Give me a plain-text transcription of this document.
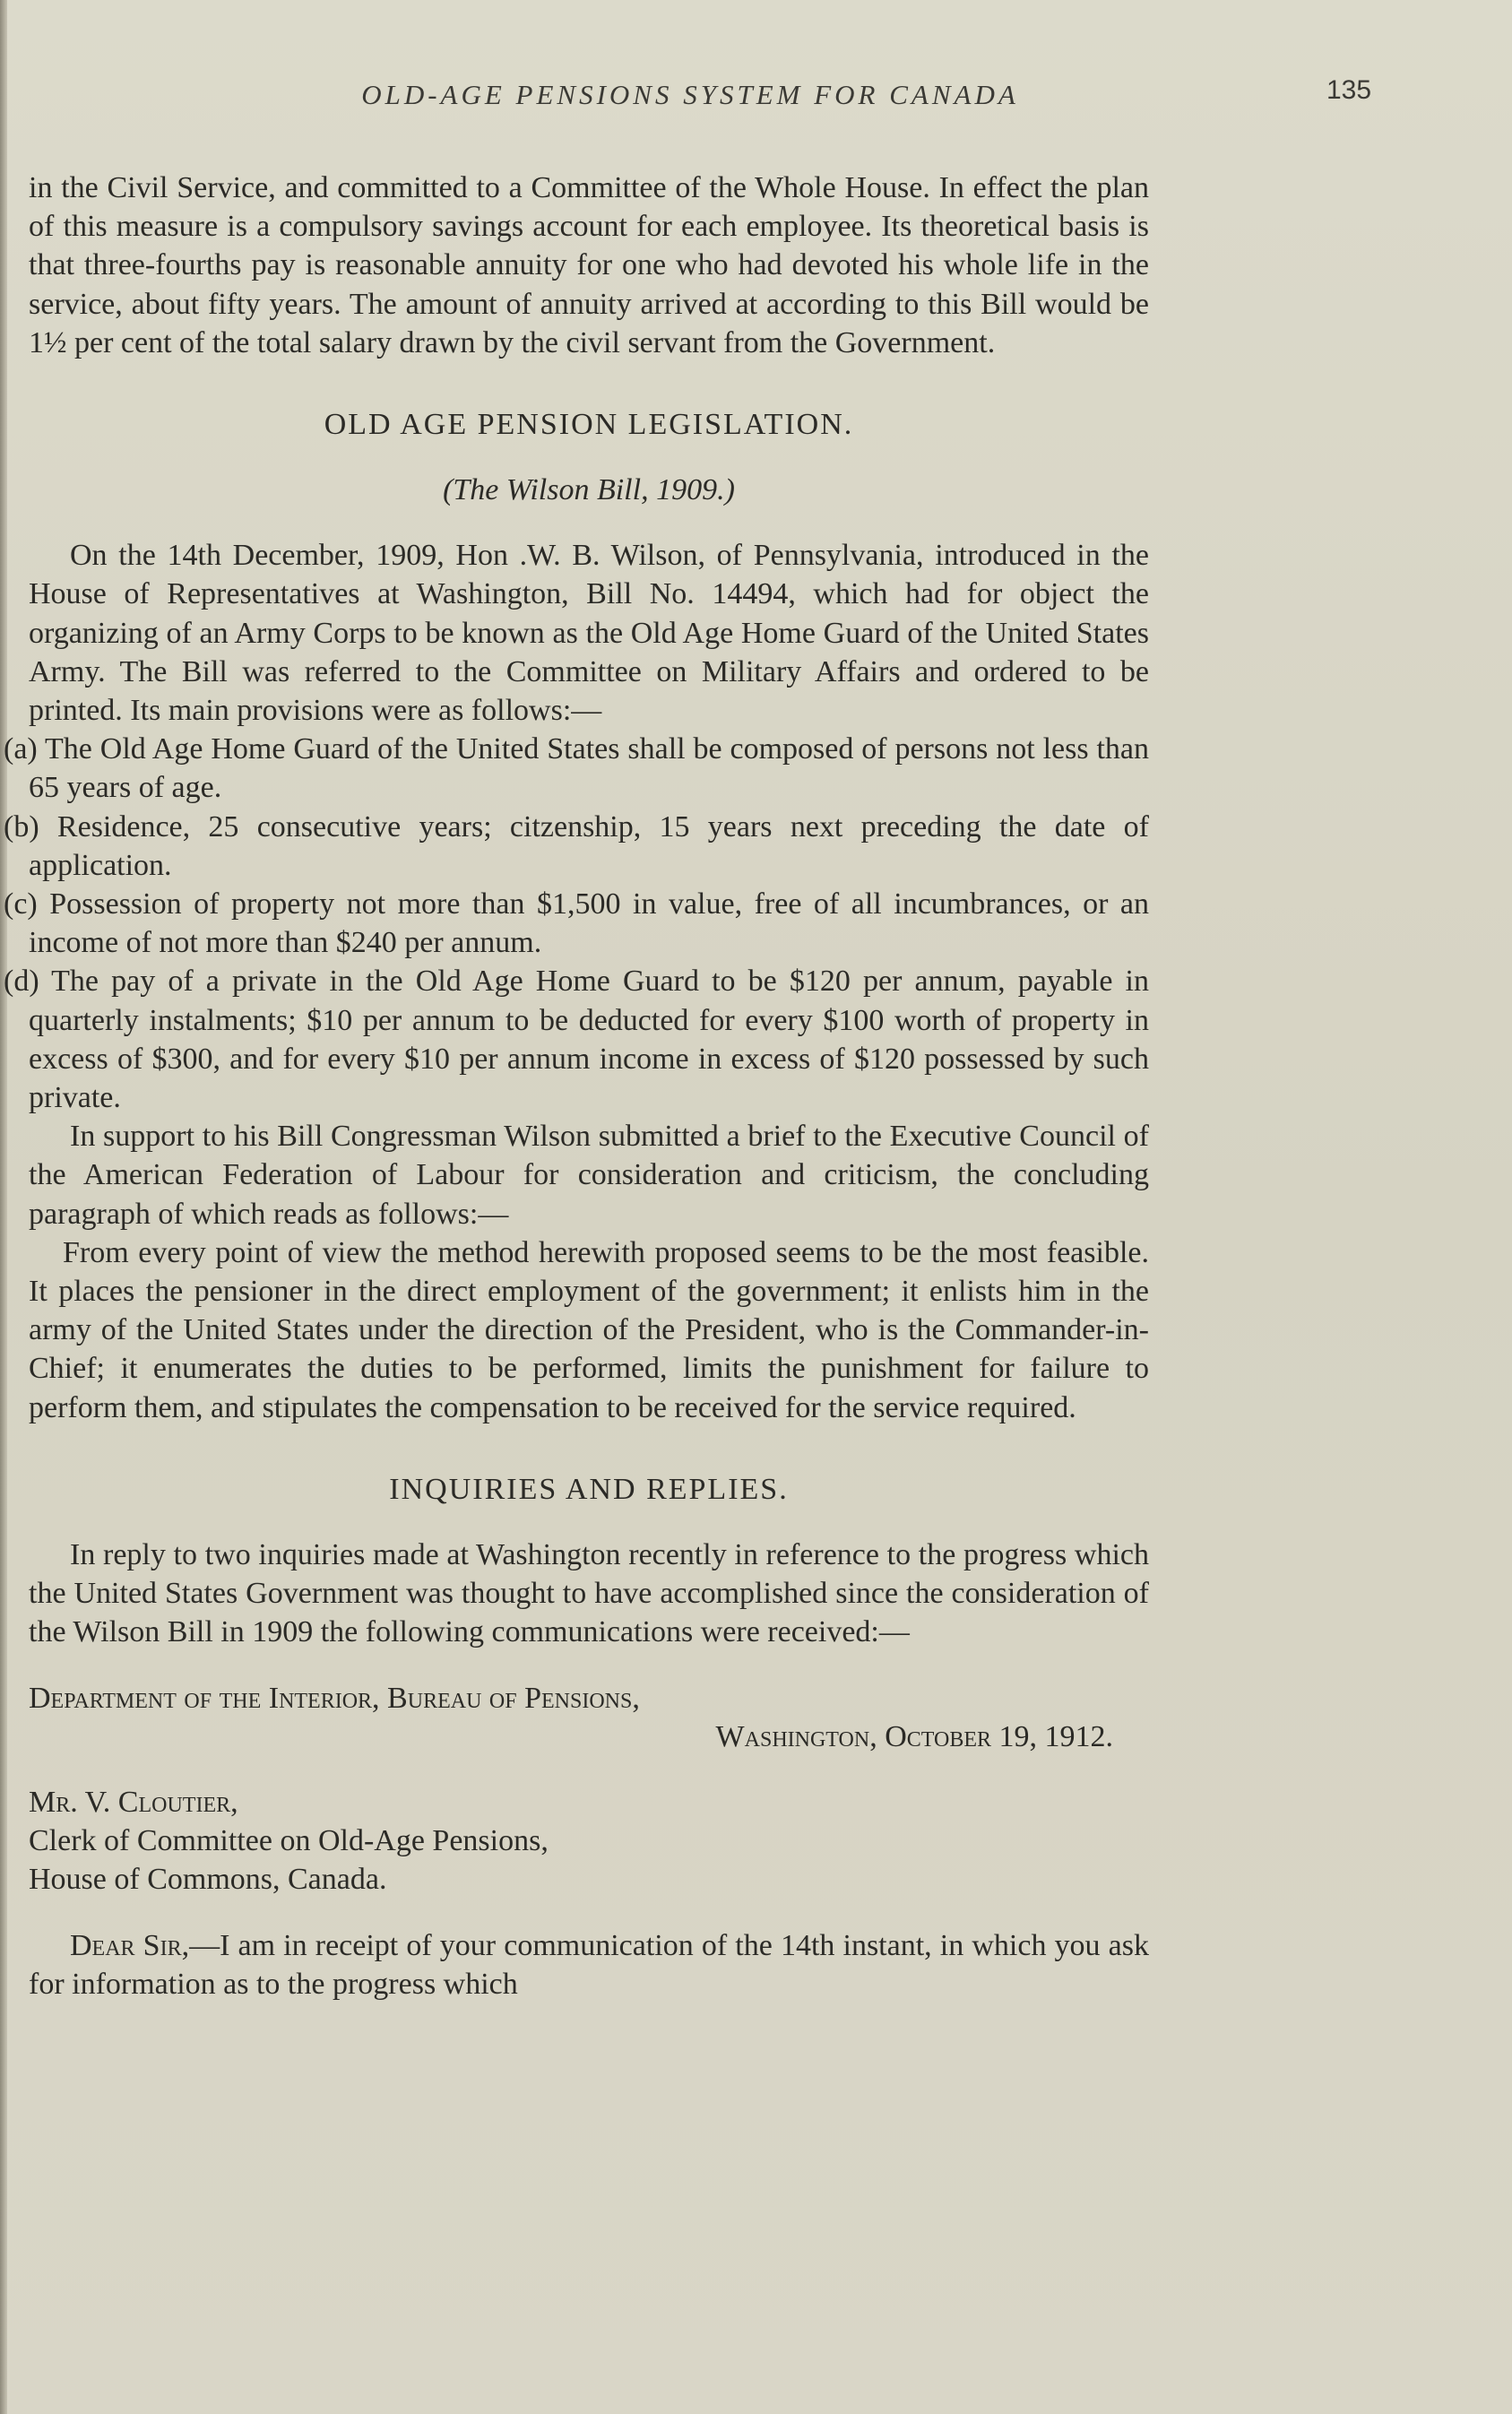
OLD-AGE PENSIONS SYSTEM FOR CANADA	135

in the Civil Service, and committed to a Committee of the Whole House. In effect the plan of this measure is a compulsory savings account for each employee. Its theoretical basis is that three-fourths pay is reasonable annuity for one who had devoted his whole life in the service, about fifty years. The amount of annuity arrived at according to this Bill would be 1½ per cent of the total salary drawn by the civil servant from the Government.

OLD AGE PENSION LEGISLATION.

(The Wilson Bill, 1909.)

On the 14th December, 1909, Hon .W. B. Wilson, of Pennsylvania, introduced in the House of Representatives at Washington, Bill No. 14494, which had for object the organizing of an Army Corps to be known as the Old Age Home Guard of the United States Army. The Bill was referred to the Committee on Military Affairs and ordered to be printed. Its main provisions were as follows:—

(a) The Old Age Home Guard of the United States shall be composed of persons not less than 65 years of age.

(b) Residence, 25 consecutive years; citzenship, 15 years next preceding the date of application.

(c) Possession of property not more than $1,500 in value, free of all incumbrances, or an income of not more than $240 per annum.

(d) The pay of a private in the Old Age Home Guard to be $120 per annum, payable in quarterly instalments; $10 per annum to be deducted for every $100 worth of property in excess of $300, and for every $10 per annum income in excess of $120 possessed by such private.

In support to his Bill Congressman Wilson submitted a brief to the Executive Council of the American Federation of Labour for consideration and criticism, the concluding paragraph of which reads as follows:—

From every point of view the method herewith proposed seems to be the most feasible. It places the pensioner in the direct employment of the government; it enlists him in the army of the United States under the direction of the President, who is the Commander-in-Chief; it enumerates the duties to be performed, limits the punishment for failure to perform them, and stipulates the compensation to be received for the service required.

INQUIRIES AND REPLIES.

In reply to two inquiries made at Washington recently in reference to the progress which the United States Government was thought to have accomplished since the consideration of the Wilson Bill in 1909 the following communications were received:—

Department of the Interior, Bureau of Pensions,

Washington, October 19, 1912.

Mr. V. Cloutier,

Clerk of Committee on Old-Age Pensions,

House of Commons, Canada.

Dear Sir,—I am in receipt of your communication of the 14th instant, in which you ask for information as to the progress which
